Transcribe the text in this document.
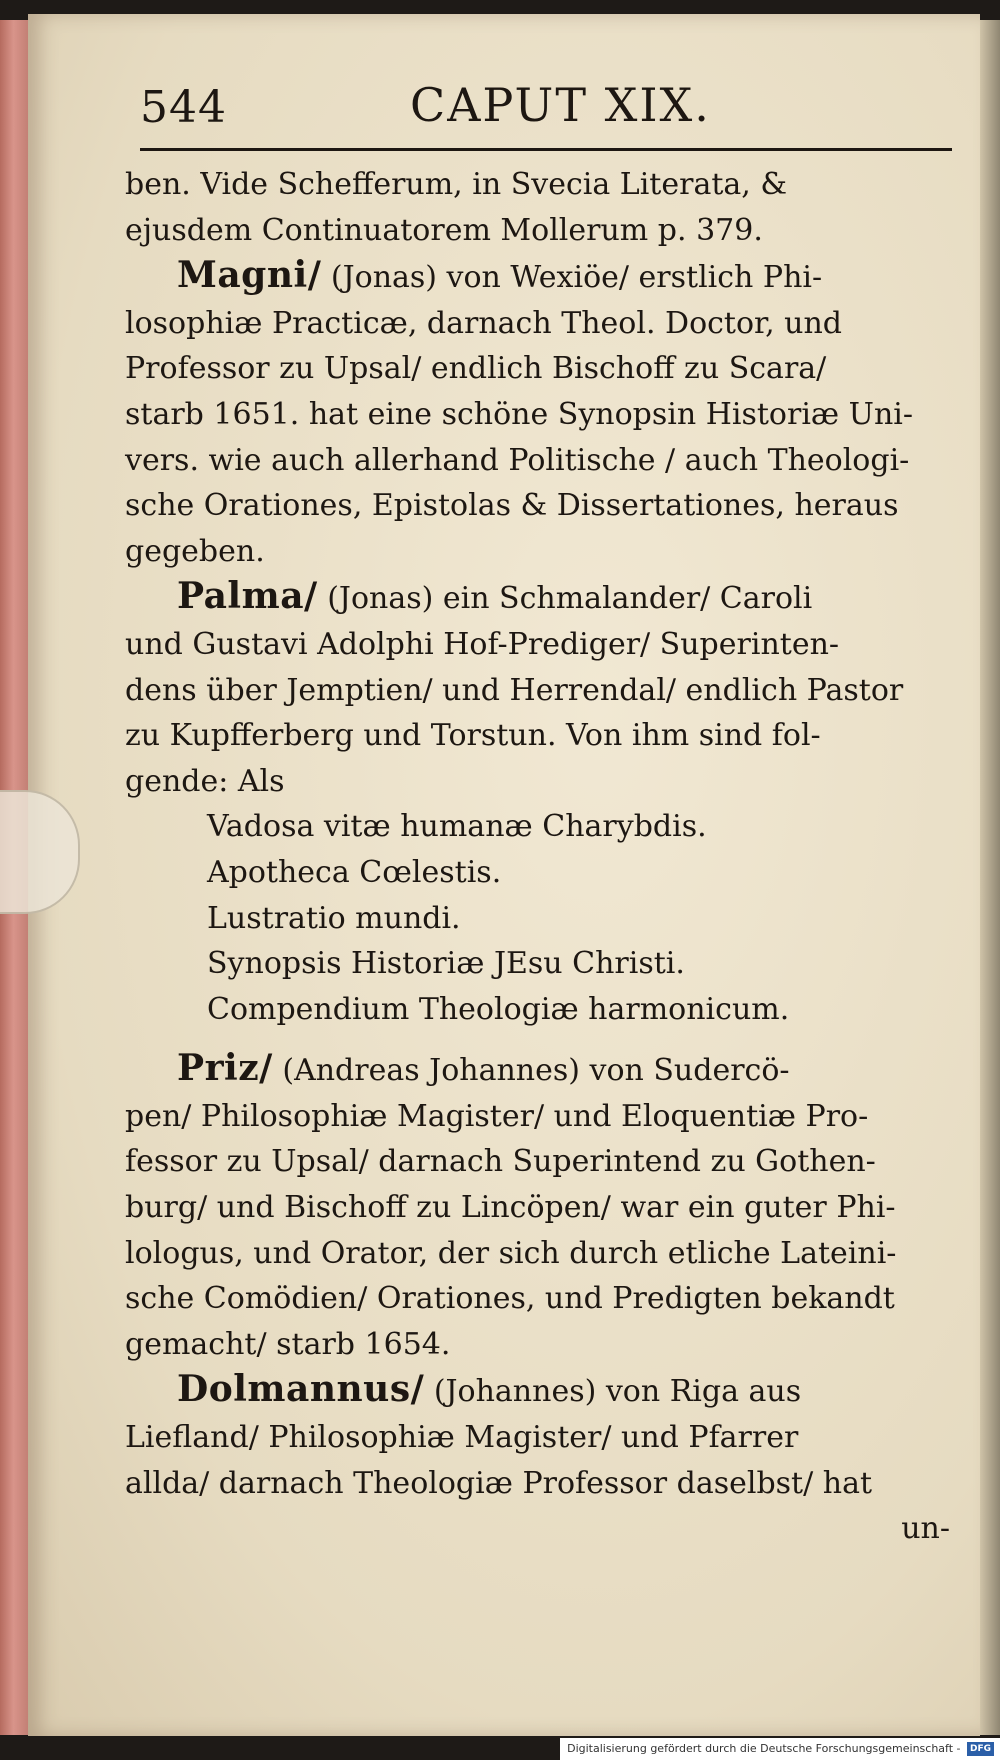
544	CAPUT XIX.

ben. Vide Schefferum, in Svecia Literata, &
ejusdem Continuatorem Mollerum p. 379.

Magni/ (Jonas) von Wexiöe/ erstlich Phi-
losophiæ Practicæ, darnach Theol. Doctor, und
Professor zu Upsal/ endlich Bischoff zu Scara/
starb 1651. hat eine schöne Synopsin Historiæ Uni-
vers. wie auch allerhand Politische / auch Theologi-
sche Orationes, Epistolas & Dissertationes, heraus
gegeben.

Palma/ (Jonas) ein Schmalander/ Caroli
und Gustavi Adolphi Hof-Prediger/ Superinten-
dens über Jemptien/ und Herrendal/ endlich Pastor
zu Kupfferberg und Torstun. Von ihm sind fol-
gende: Als

Vadosa vitæ humanæ Charybdis.
Apotheca Cœlestis.
Lustratio mundi.
Synopsis Historiæ JEsu Christi.
Compendium Theologiæ harmonicum.

Priz/ (Andreas Johannes) von Sudercö-
pen/ Philosophiæ Magister/ und Eloquentiæ Pro-
fessor zu Upsal/ darnach Superintend zu Gothen-
burg/ und Bischoff zu Lincöpen/ war ein guter Phi-
lologus, und Orator, der sich durch etliche Lateini-
sche Comödien/ Orationes, und Predigten bekandt
gemacht/ starb 1654.

Dolmannus/ (Johannes) von Riga aus
Liefland/ Philosophiæ Magister/ und Pfarrer
allda/ darnach Theologiæ Professor daselbst/ hat

un-

Digitalisierung gefördert durch die Deutsche Forschungsgemeinschaft - DFG
